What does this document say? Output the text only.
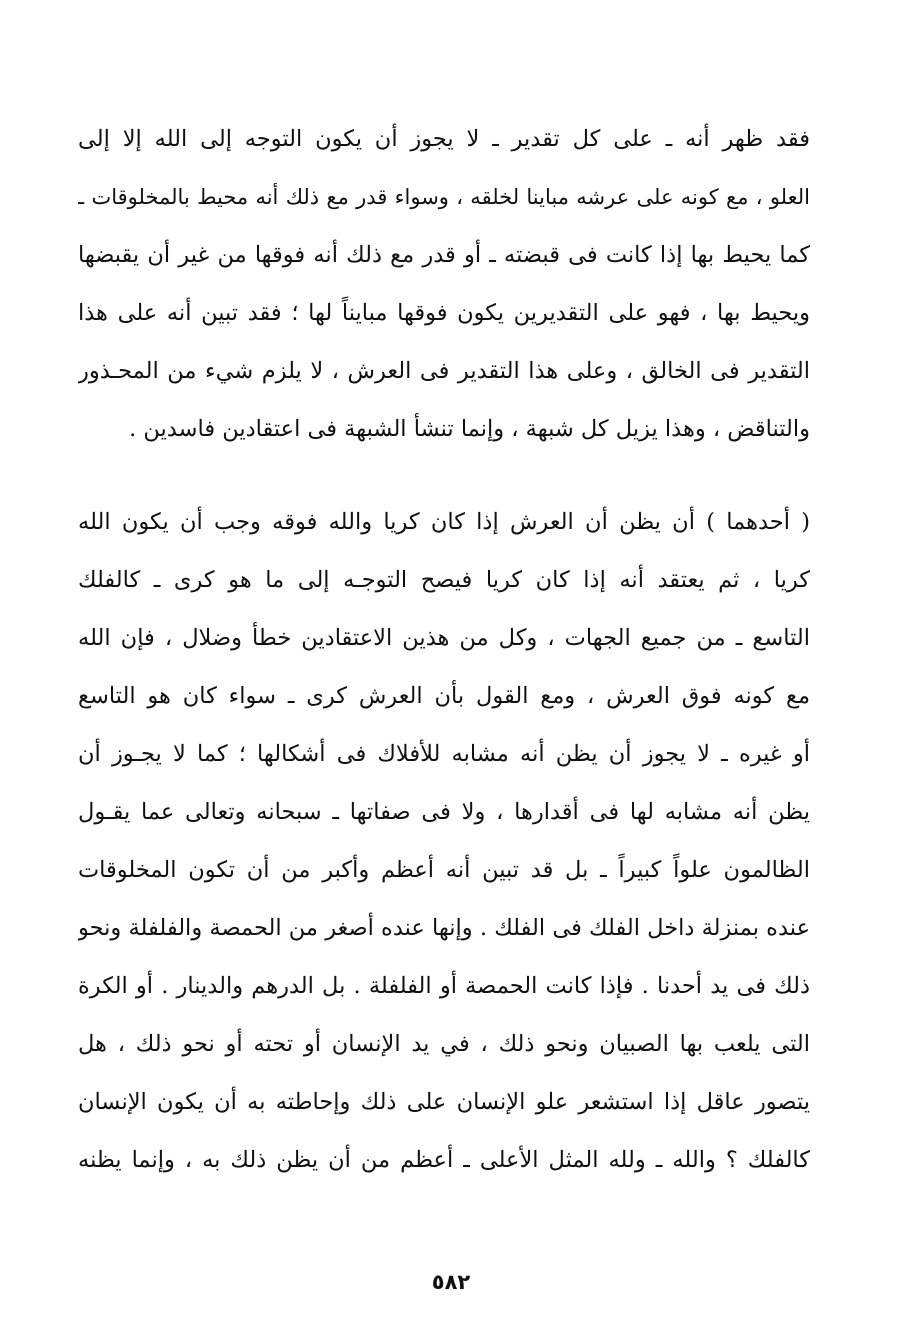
فقد ظهر أنه ـ على كل تقدير ـ لا يجوز أن يكون التوجه إلى الله إلا إلى
العلو ، مع كونه على عرشه مباينا لخلقه ، وسواء قدر مع ذلك أنه محيط بالمخلوقات ـ
كما يحيط بها إذا كانت فى قبضته ـ أو قدر مع ذلك أنه فوقها من غير أن يقبضها
ويحيط بها ، فهو على التقديرين يكون فوقها مبايناً لها ؛ فقد تبين أنه على هذا
التقدير فى الخالق ، وعلى هذا التقدير فى العرش ، لا يلزم شيء من المحـذور
والتناقض ، وهذا يزيل كل شبهة ، وإنما تنشأ الشبهة فى اعتقادين فاسدين .
( أحدهما ) أن يظن أن العرش إذا كان كريا والله فوقه وجب أن يكون الله
كريا ، ثم يعتقد أنه إذا كان كريا فيصح التوجـه إلى ما هو كرى ـ كالفلك
التاسع ـ من جميع الجهات ، وكل من هذين الاعتقادين خطأ وضلال ، فإن الله
مع كونه فوق العرش ، ومع القول بأن العرش كرى ـ سواء كان هو التاسع
أو غيره ـ لا يجوز أن يظن أنه مشابه للأفلاك فى أشكالها ؛ كما لا يجـوز أن
يظن أنه مشابه لها فى أقدارها ، ولا فى صفاتها ـ سبحانه وتعالى عما يقـول
الظالمون علواً كبيراً ـ بل قد تبين أنه أعظم وأكبر من أن تكون المخلوقات
عنده بمنزلة داخل الفلك فى الفلك . وإنها عنده أصغر من الحمصة والفلفلة ونحو
ذلك فى يد أحدنا . فإذا كانت الحمصة أو الفلفلة . بل الدرهم والدينار . أو الكرة
التى يلعب بها الصبيان ونحو ذلك ، في يد الإنسان أو تحته أو نحو ذلك ، هل
يتصور عاقل إذا استشعر علو الإنسان على ذلك وإحاطته به أن يكون الإنسان
كالفلك ؟ والله ـ ولله المثل الأعلى ـ أعظم من أن يظن ذلك به ، وإنما يظنه
٥٨٢
